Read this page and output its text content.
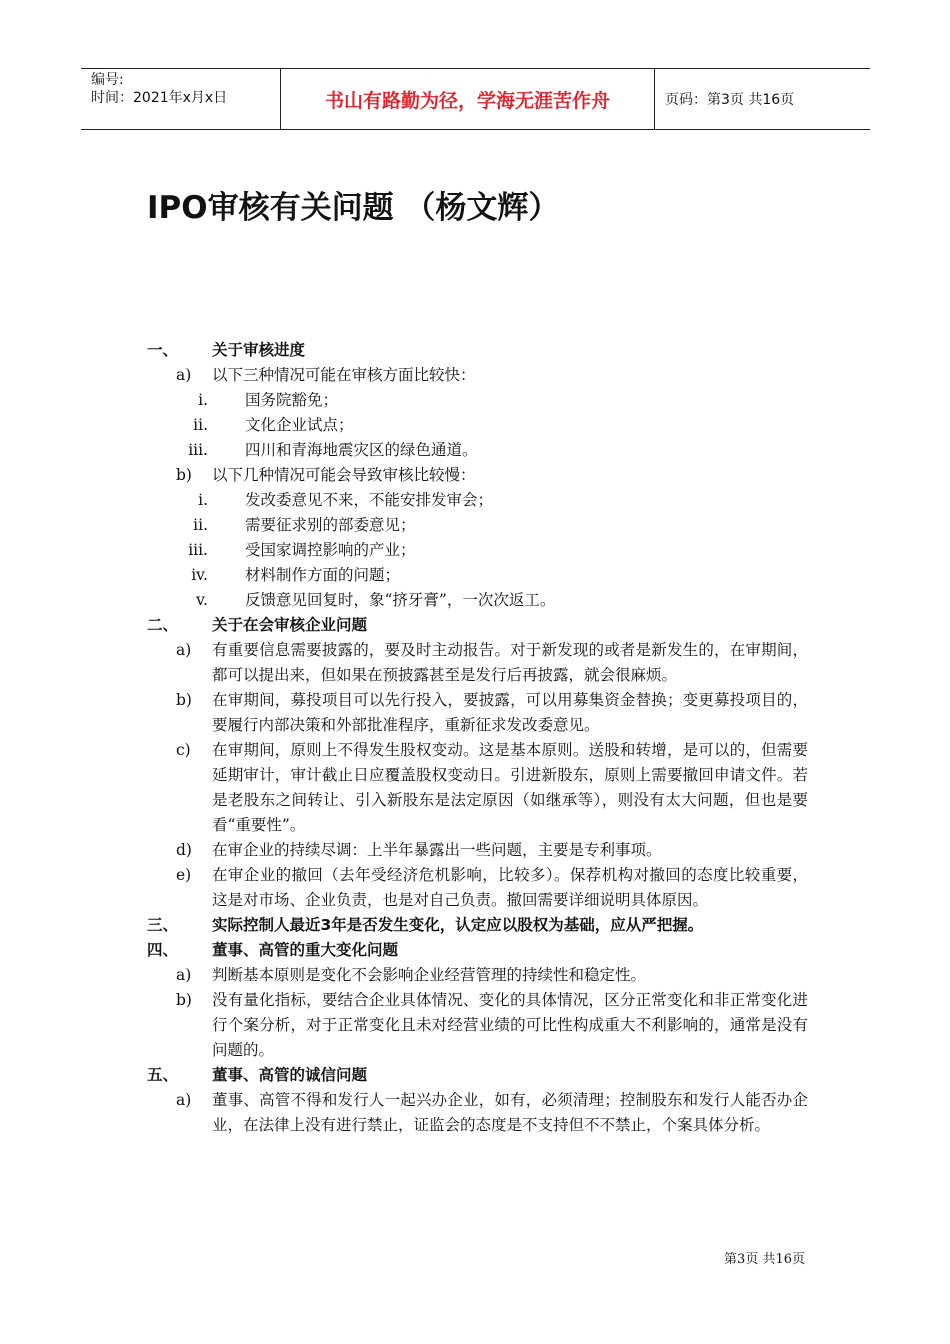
编号:
时间：2021年x月x日	书山有路勤为径，学海无涯苦作舟	页码：第3页 共16页
IPO审核有关问题 （杨文辉）
一、 关于审核进度
a)	以下三种情况可能在审核方面比较快：
i. 国务院豁免；
ii. 文化企业试点；
iii. 四川和青海地震灾区的绿色通道。
b) 以下几种情况可能会导致审核比较慢：
i. 发改委意见不来，不能安排发审会；
ii. 需要征求别的部委意见；
iii. 受国家调控影响的产业；
iv. 材料制作方面的问题；
v. 反馈意见回复时，象“挤牙膏”，一次次返工。
二、 关于在会审核企业问题
a) 有重要信息需要披露的，要及时主动报告。对于新发现的或者是新发生的，在审期间，都可以提出来，但如果在预披露甚至是发行后再披露，就会很麻烦。
b) 在审期间，募投项目可以先行投入，要披露，可以用募集资金替换；变更募投项目的，要履行内部决策和外部批准程序，重新征求发改委意见。
c) 在审期间，原则上不得发生股权变动。这是基本原则。送股和转增，是可以的，但需要延期审计，审计截止日应覆盖股权变动日。引进新股东，原则上需要撤回申请文件。若是老股东之间转让、引入新股东是法定原因（如继承等），则没有太大问题，但也是要看“重要性”。
d) 在审企业的持续尽调：上半年暴露出一些问题，主要是专利事项。
e) 在审企业的撤回（去年受经济危机影响，比较多）。保荐机构对撤回的态度比较重要，这是对市场、企业负责，也是对自己负责。撤回需要详细说明具体原因。
三、 实际控制人最近3年是否发生变化，认定应以股权为基础，应从严把握。
四、 董事、高管的重大变化问题
a) 判断基本原则是变化不会影响企业经营管理的持续性和稳定性。
b) 没有量化指标，要结合企业具体情况、变化的具体情况，区分正常变化和非正常变化进行个案分析，对于正常变化且未对经营业绩的可比性构成重大不利影响的，通常是没有问题的。
五、 董事、高管的诚信问题
a) 董事、高管不得和发行人一起兴办企业，如有，必须清理；控制股东和发行人能否办企业，在法律上没有进行禁止，证监会的态度是不支持但不不禁止，个案具体分析。
第3页 共16页
